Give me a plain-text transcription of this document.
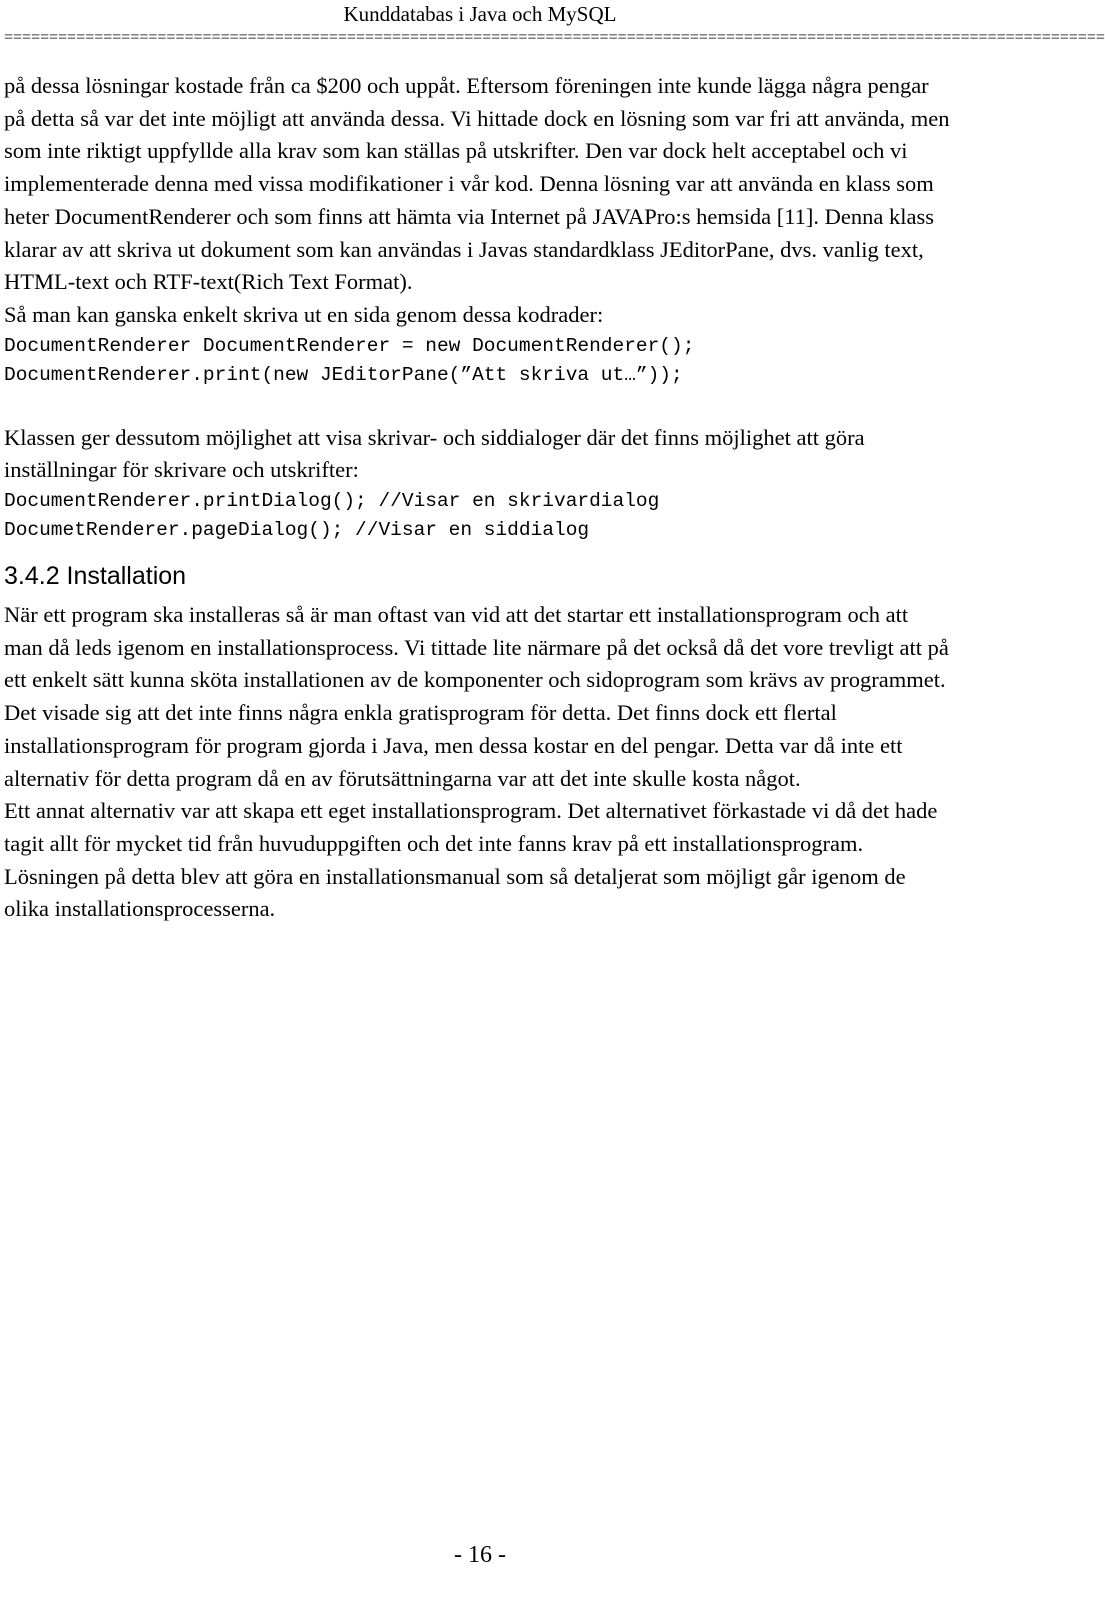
Kunddatabas i Java och MySQL
==========================================================================================================================

på dessa lösningar kostade från ca $200 och uppåt. Eftersom föreningen inte kunde lägga några pengar på detta så var det inte möjligt att använda dessa. Vi hittade dock en lösning som var fri att använda, men som inte riktigt uppfyllde alla krav som kan ställas på utskrifter. Den var dock helt acceptabel och vi implementerade denna med vissa modifikationer i vår kod. Denna lösning var att använda en klass som heter DocumentRenderer och som finns att hämta via Internet på JAVAPro:s hemsida [11]. Denna klass klarar av att skriva ut dokument som kan användas i Javas standardklass JEditorPane, dvs. vanlig text, HTML-text och RTF-text(Rich Text Format).

Så man kan ganska enkelt skriva ut en sida genom dessa kodrader:

DocumentRenderer DocumentRenderer = new DocumentRenderer();
DocumentRenderer.print(new JEditorPane(”Att skriva ut…”));

Klassen ger dessutom möjlighet att visa skrivar- och siddialoger där det finns möjlighet att göra inställningar för skrivare och utskrifter:

DocumentRenderer.printDialog(); //Visar en skrivardialog
DocumetRenderer.pageDialog(); //Visar en siddialog
3.4.2 Installation

När ett program ska installeras så är man oftast van vid att det startar ett installationsprogram och att man då leds igenom en installationsprocess. Vi tittade lite närmare på det också då det vore trevligt att på ett enkelt sätt kunna sköta installationen av de komponenter och sidoprogram som krävs av programmet. Det visade sig att det inte finns några enkla gratisprogram för detta. Det finns dock ett flertal installationsprogram för program gjorda i Java, men dessa kostar en del pengar. Detta var då inte ett alternativ för detta program då en av förutsättningarna var att det inte skulle kosta något.

Ett annat alternativ var att skapa ett eget installationsprogram. Det alternativet förkastade vi då det hade tagit allt för mycket tid från huvuduppgiften och det inte fanns krav på ett installationsprogram. Lösningen på detta blev att göra en installationsmanual som så detaljerat som möjligt går igenom de olika installationsprocesserna.

- 16 -
